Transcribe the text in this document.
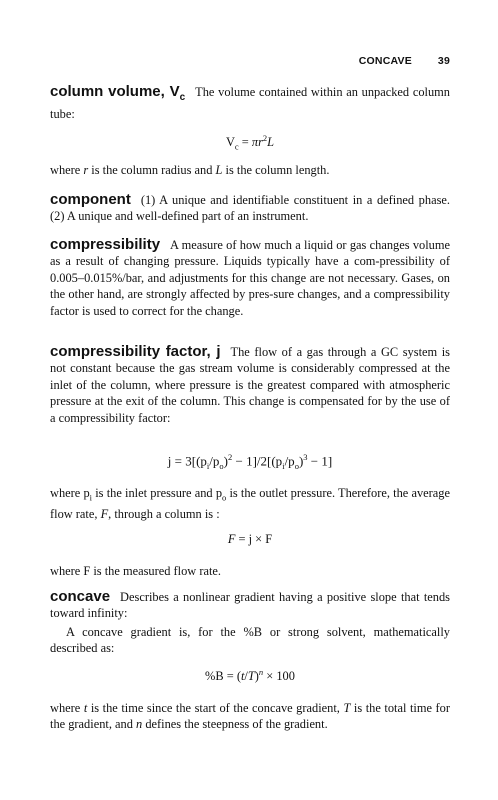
CONCAVE 39
column volume, $V_c$ The volume contained within an unpacked column tube:
$V_c = \pi r^2L$
where r is the column radius and L is the column length.
component (1) A unique and identifiable constituent in a defined phase. (2) A unique and well-defined part of an instrument.
compressibility A measure of how much a liquid or gas changes volume as a result of changing pressure. Liquids typically have a com-pressibility of 0.005–0.015%/bar, and adjustments for this change are not necessary. Gases, on the other hand, are strongly affected by pres-sure changes, and a compressibility factor is used to correct for the change.
compressibility factor, j The flow of a gas through a GC system is not constant because the gas stream volume is considerably compressed at the inlet of the column, where pressure is the greatest compared with atmospheric pressure at the exit of the column. This change is compensated for by the use of a compressibility factor:
$j = 3[(p_i/p_o)^2 - 1]/2[(p_i/p_o)^3 - 1]$
where $p_i$ is the inlet pressure and $p_o$ is the outlet pressure. Therefore, the average flow rate, F, through a column is :
F = j × F
where F is the measured flow rate.
concave Describes a nonlinear gradient having a positive slope that tends toward infinity:
A concave gradient is, for the %B or strong solvent, mathematically described as:
$\%B = (t/T)^n \times 100$
where t is the time since the start of the concave gradient, T is the total time for the gradient, and n defines the steepness of the gradient.
